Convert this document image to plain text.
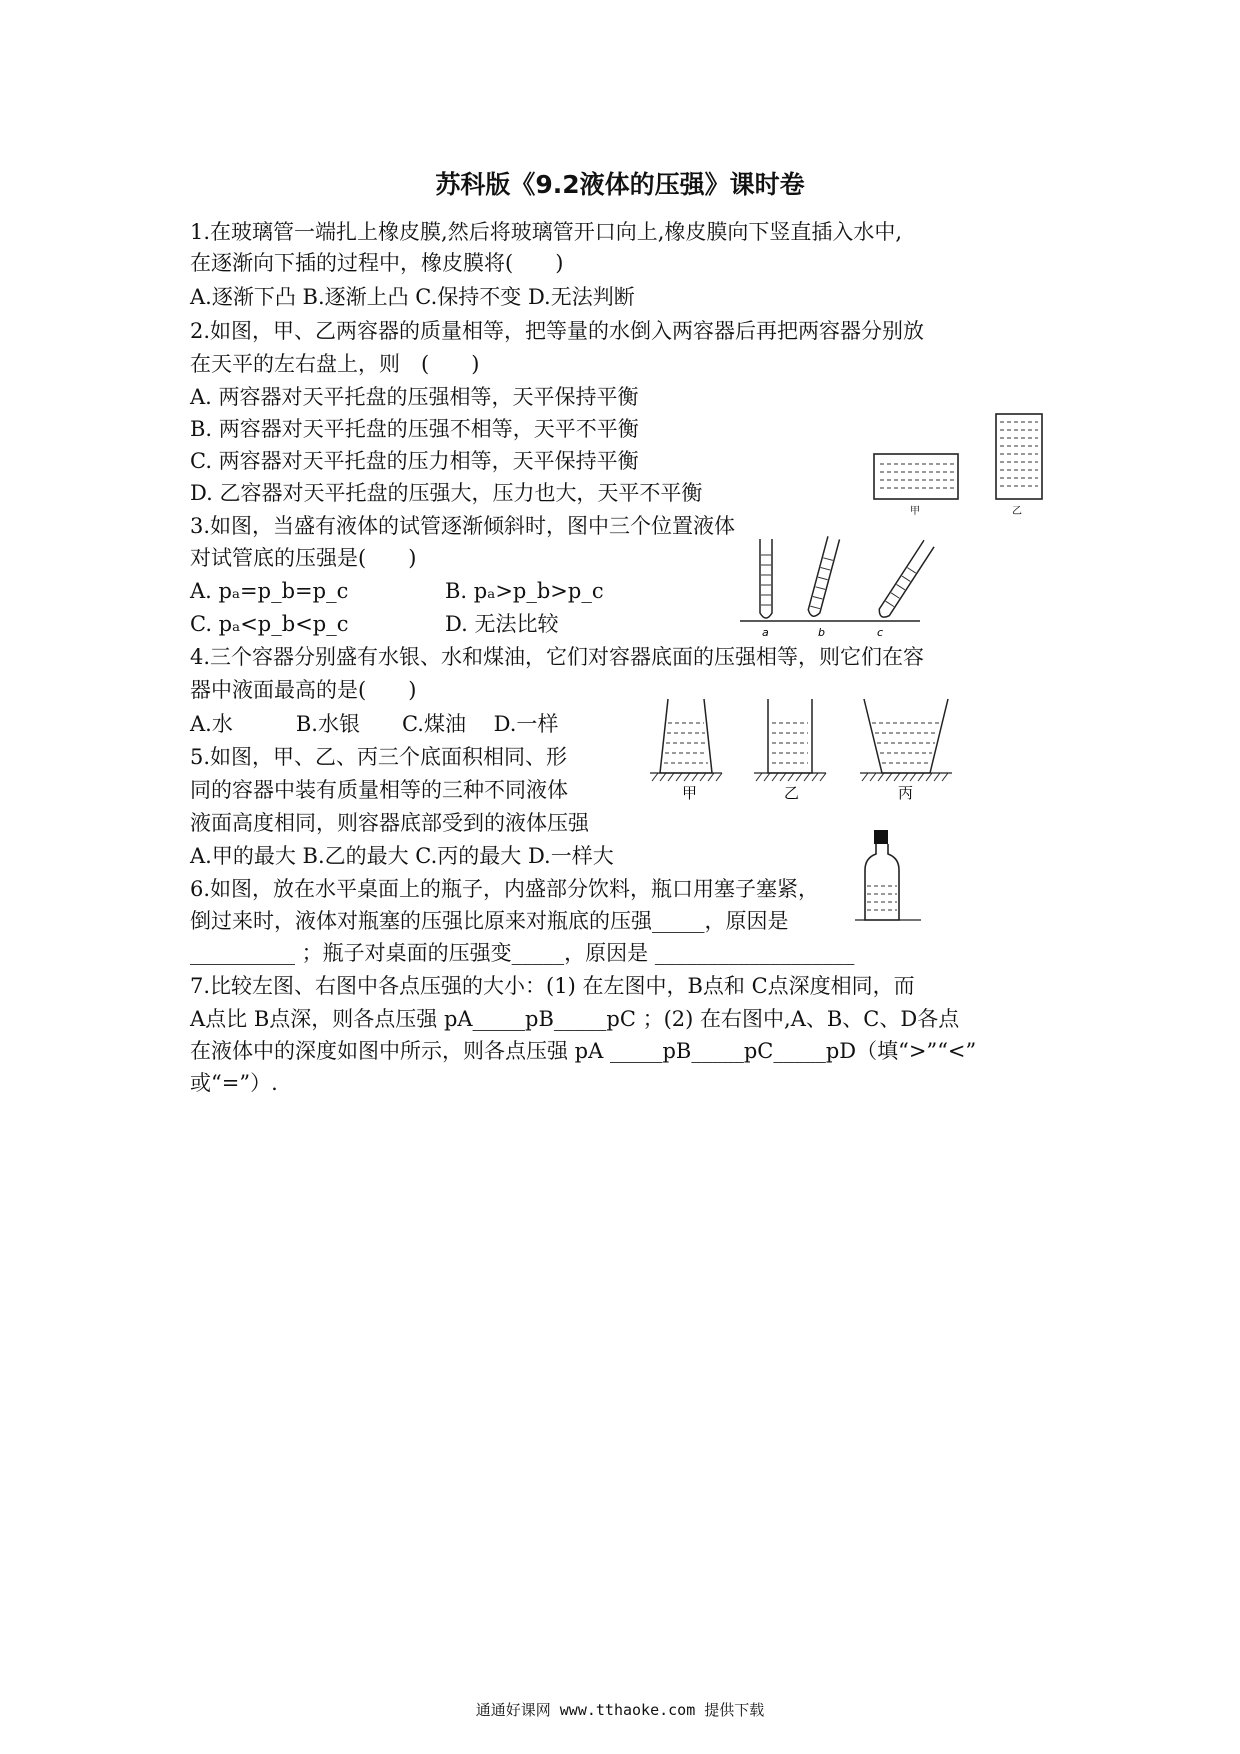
苏科版《9.2液体的压强》课时卷
1.在玻璃管一端扎上橡皮膜,然后将玻璃管开口向上,橡皮膜向下竖直插入水中,
在逐渐向下插的过程中，橡皮膜将(　　)
A.逐渐下凸 B.逐渐上凸 C.保持不变 D.无法判断
2.如图，甲、乙两容器的质量相等，把等量的水倒入两容器后再把两容器分别放
在天平的左右盘上，则　(　　)
A. 两容器对天平托盘的压强相等，天平保持平衡
B. 两容器对天平托盘的压强不相等，天平不平衡
C. 两容器对天平托盘的压力相等，天平保持平衡
D. 乙容器对天平托盘的压强大，压力也大，天平不平衡
甲	乙
3.如图，当盛有液体的试管逐渐倾斜时，图中三个位置液体
对试管底的压强是(　　)
A. pₐ=p_b=p_c	B. pₐ>p_b>p_c
C. pₐ<p_b<p_c	D. 无法比较	a	b	c
4.三个容器分别盛有水银、水和煤油，它们对容器底面的压强相等，则它们在容
器中液面最高的是(　　)
A.水　　　B.水银　　C.煤油　 D.一样
5.如图，甲、乙、丙三个底面积相同、形
同的容器中装有质量相等的三种不同液体
液面高度相同，则容器底部受到的液体压强
A.甲的最大 B.乙的最大 C.丙的最大 D.一样大
甲	乙	丙
6.如图，放在水平桌面上的瓶子，内盛部分饮料，瓶口用塞子塞紧，
倒过来时，液体对瓶塞的压强比原来对瓶底的压强_____，原因是
__________ ；瓶子对桌面的压强变_____，原因是 ___________________
7.比较左图、右图中各点压强的大小：(1) 在左图中，B点和 C点深度相同，而
A点比 B点深，则各点压强 pA_____pB_____pC ；(2) 在右图中,A、B、C、D各点
在液体中的深度如图中所示，则各点压强 pA _____pB_____pC_____pD（填“>”“<”
或“=”）.
通通好课网 www.tthaoke.com 提供下载
